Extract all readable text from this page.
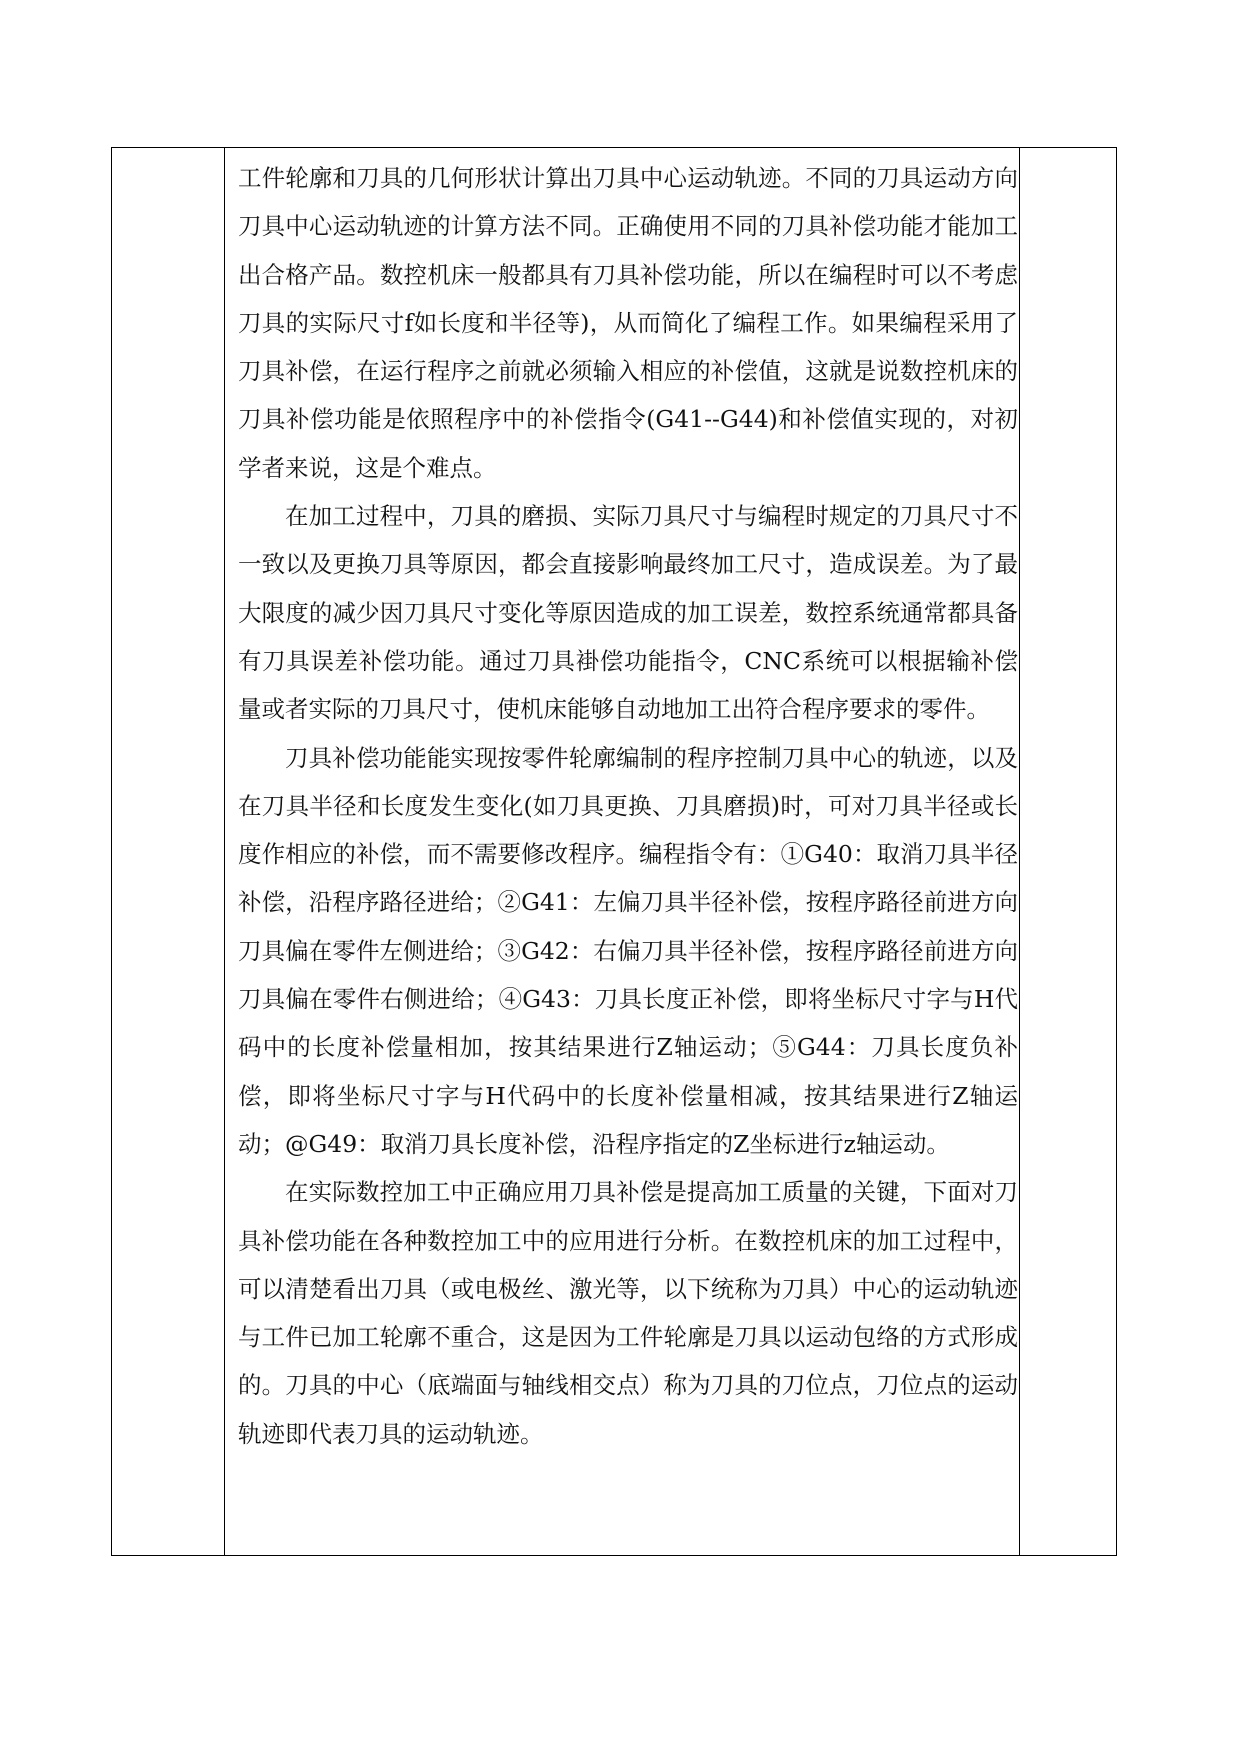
工件轮廓和刀具的几何形状计算出刀具中心运动轨迹。不同的刀具运动方向刀具中心运动轨迹的计算方法不同。正确使用不同的刀具补偿功能才能加工出合格产品。数控机床一般都具有刀具补偿功能，所以在编程时可以不考虑刀具的实际尺寸f如长度和半径等)，从而简化了编程工作。如果编程采用了刀具补偿，在运行程序之前就必须输入相应的补偿值，这就是说数控机床的刀具补偿功能是依照程序中的补偿指令(G41--G44)和补偿值实现的，对初学者来说，这是个难点。

在加工过程中，刀具的磨损、实际刀具尺寸与编程时规定的刀具尺寸不一致以及更换刀具等原因，都会直接影响最终加工尺寸，造成误差。为了最大限度的减少因刀具尺寸变化等原因造成的加工误差，数控系统通常都具备有刀具误差补偿功能。通过刀具褂偿功能指令，CNC系统可以根据输补偿量或者实际的刀具尺寸，使机床能够自动地加工出符合程序要求的零件。

刀具补偿功能能实现按零件轮廓编制的程序控制刀具中心的轨迹，以及在刀具半径和长度发生变化(如刀具更换、刀具磨损)时，可对刀具半径或长度作相应的补偿，而不需要修改程序。编程指令有：①G40：取消刀具半径补偿，沿程序路径进给；②G41：左偏刀具半径补偿，按程序路径前进方向刀具偏在零件左侧进给；③G42：右偏刀具半径补偿，按程序路径前进方向刀具偏在零件右侧进给；④G43：刀具长度正补偿，即将坐标尺寸字与H代码中的长度补偿量相加，按其结果进行Z轴运动；⑤G44：刀具长度负补偿，即将坐标尺寸字与H代码中的长度补偿量相减，按其结果进行Z轴运动；@G49：取消刀具长度补偿，沿程序指定的Z坐标进行z轴运动。

在实际数控加工中正确应用刀具补偿是提高加工质量的关键，下面对刀具补偿功能在各种数控加工中的应用进行分析。在数控机床的加工过程中，可以清楚看出刀具（或电极丝、激光等，以下统称为刀具）中心的运动轨迹与工件已加工轮廓不重合，这是因为工件轮廓是刀具以运动包络的方式形成的。刀具的中心（底端面与轴线相交点）称为刀具的刀位点，刀位点的运动轨迹即代表刀具的运动轨迹。
